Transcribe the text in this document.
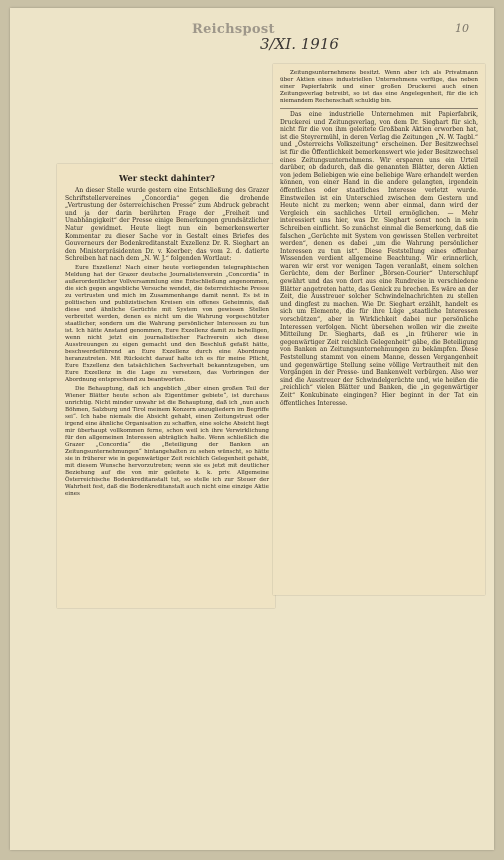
Reichspost
3/XI. 1916
10
Wer steckt dahinter?

An dieser Stelle wurde gestern eine Entschließung des Grazer Schriftstellervereines „Concordia“ gegen die drohende „Vertrustung der österreichischen Presse“ zum Abdruck gebracht und ja der darin berührten Frage der „Freiheit und Unabhängigkeit“ der Presse einige Bemerkungen grundsätzlicher Natur gewidmet. Heute liegt nun ein bemerkenswerter Kommentar zu dieser Sache vor in Gestalt eines Briefes des Gouverneurs der Bodenkreditanstalt Exzellenz Dr. R. Sieghart an den Ministerpräsidenten Dr. v. Koerber; das vom 2. d. datierte Schreiben hat nach dem „N. W. J.“ folgenden Wortlaut:

Eure Exzellenz! Nach einer heute vorliegenden telegraphischen Meldung hat der Grazer deutsche Journalistenverein „Concordia“ in außerordentlicher Vollversammlung eine Entschließung angenommen, die sich gegen angebliche Versuche wendet, die österreichische Presse zu vertrusten und mich im Zusammenhange damit nennt. Es ist in politischen und publizistischen Kreisen ein offenes Geheimnis, daß diese und ähnliche Gerüchte mit System von gewissen Stellen verbreitet werden, denen es nicht um die Wahrung vorgeschützter staatlicher, sondern um die Wahrung persönlicher Interessen zu tun ist. Ich hätte Anstand genommen, Eure Exzellenz damit zu behelligen, wenn nicht jetzt ein journalistischer Fachverein sich diese Ausstreuungen zu eigen gemacht und den Beschluß gefaßt hätte, beschwerdeführend an Eure Exzellenz durch eine Abordnung heranzutreten. Mit Rücksicht darauf halte ich es für meine Pflicht, Eure Exzellenz den tatsächlichen Sachverhalt bekanntzugeben, um Eure Exzellenz in die Lage zu versetzen, das Vorbringen der Abordnung entsprechend zu beantworten.

Die Behauptung, daß ich angeblich „über einen großen Teil der Wiener Blätter heute schon als Eigentümer gebiete“, ist durchaus unrichtig. Nicht minder unwahr ist die Behauptung, daß ich „nun auch Böhmen, Salzburg und Tirol meinem Konzern anzugliedern im Begriffe sei“. Ich habe niemals die Absicht gehabt, einen Zeitungstrust oder irgend eine ähnliche Organisation zu schaffen, eine solche Absicht liegt mir überhaupt vollkommen ferne, schon weil ich ihre Verwirklichung für den allgemeinen Interessen abträglich halte. Wenn schließlich die Grazer „Concordia“ die „Beteiligung der Banken an Zeitungsunternehmungen“ hintangehalten zu sehen wünscht, so hätte sie in früherer wie in gegenwärtiger Zeit reichlich Gelegenheit gehabt, mit diesem Wunsche hervorzutreten; wenn sie es jetzt mit deutlicher Beziehung auf die von mir geleitete k. k. priv. Allgemeine Österreichische Bodenkreditanstalt tut, so stelle ich zur Steuer der Wahrheit fest, daß die Bodenkreditanstalt auch nicht eine einzige Aktie eines

Zeitungsunternehmens besitzt. Wenn aber ich als Privatmann über Aktien eines industriellen Unternehmens verfüge, das neben einer Papierfabrik und einer großen Druckerei auch einen Zeitungsverlag betreibt, so ist das eine Angelegenheit, für die ich niemandem Rechenschaft schuldig bin.

Das eine industrielle Unternehmen mit Papierfabrik, Druckerei und Zeitungsverlag, von dem Dr. Sieghart für sich, nicht für die von ihm geleitete Großbank Aktien erworben hat, ist die Steyrermühl, in deren Verlag die Zeitungen „N. W. Tagbl.“ und „Österreichs Volkszeitung“ erscheinen. Der Besitzwechsel ist für die Öffentlichkeit bemerkenswert wie jeder Besitzwechsel eines Zeitungsunternehmens. Wir ersparen uns ein Urteil darüber, ob dadurch, daß die genannten Blätter, deren Aktien von jedem Beliebigen wie eine beliebige Ware erhandelt werden können, von einer Hand in die andere gelangten, irgendein öffentliches oder staatliches Interesse verletzt wurde. Einstweilen ist ein Unterschied zwischen dem Gestern und Heute nicht zu merken; wenn aber einmal, dann wird der Vergleich ein sachliches Urteil ermöglichen. — Mehr interessiert uns hier, was Dr. Sieghart sonst noch in sein Schreiben einflicht. So zunächst einmal die Bemerkung, daß die falschen „Gerüchte mit System von gewissen Stellen verbreitet werden“, denen es dabei „um die Wahrung persönlicher Interessen zu tun ist“. Diese Feststellung eines offenbar Wissenden verdient allgemeine Beachtung. Wir erinnerlich, waren wir erst vor wenigen Tagen veranlaßt, einem solchen Gerüchte, dem der Berliner „Börsen-Courier“ Unterschlupf gewährt und das von dort aus eine Rundreise in verschiedene Blätter angetreten hatte, das Genick zu brechen. Es wäre an der Zeit, die Ausstreuer solcher Schwindelnachrichten zu stellen und dingfest zu machen. Wie Dr. Sieghart erzählt, handelt es sich um Elemente, die für ihre Lüge „staatliche Interessen vorschützen“, aber in Wirklichkeit dabei nur persönliche Interessen verfolgen. Nicht übersehen wollen wir die zweite Mitteilung Dr. Siegharts, daß es „in früherer wie in gegenwärtiger Zeit reichlich Gelegenheit“ gäbe, die Beteiligung von Banken an Zeitungsunternehmungen zu bekämpfen. Diese Feststellung stammt von einem Manne, dessen Vergangenheit und gegenwärtige Stellung seine völlige Vertrautheit mit den Vorgängen in der Presse- und Bankenwelt verbürgen. Also wer sind die Ausstreuer der Schwindelgerüchte und, wie heißen die „reichlich“ vielen Blätter und Banken, die „in gegenwärtiger Zeit“ Konkubinate eingingen? Hier beginnt in der Tat ein öffentliches Interesse.
